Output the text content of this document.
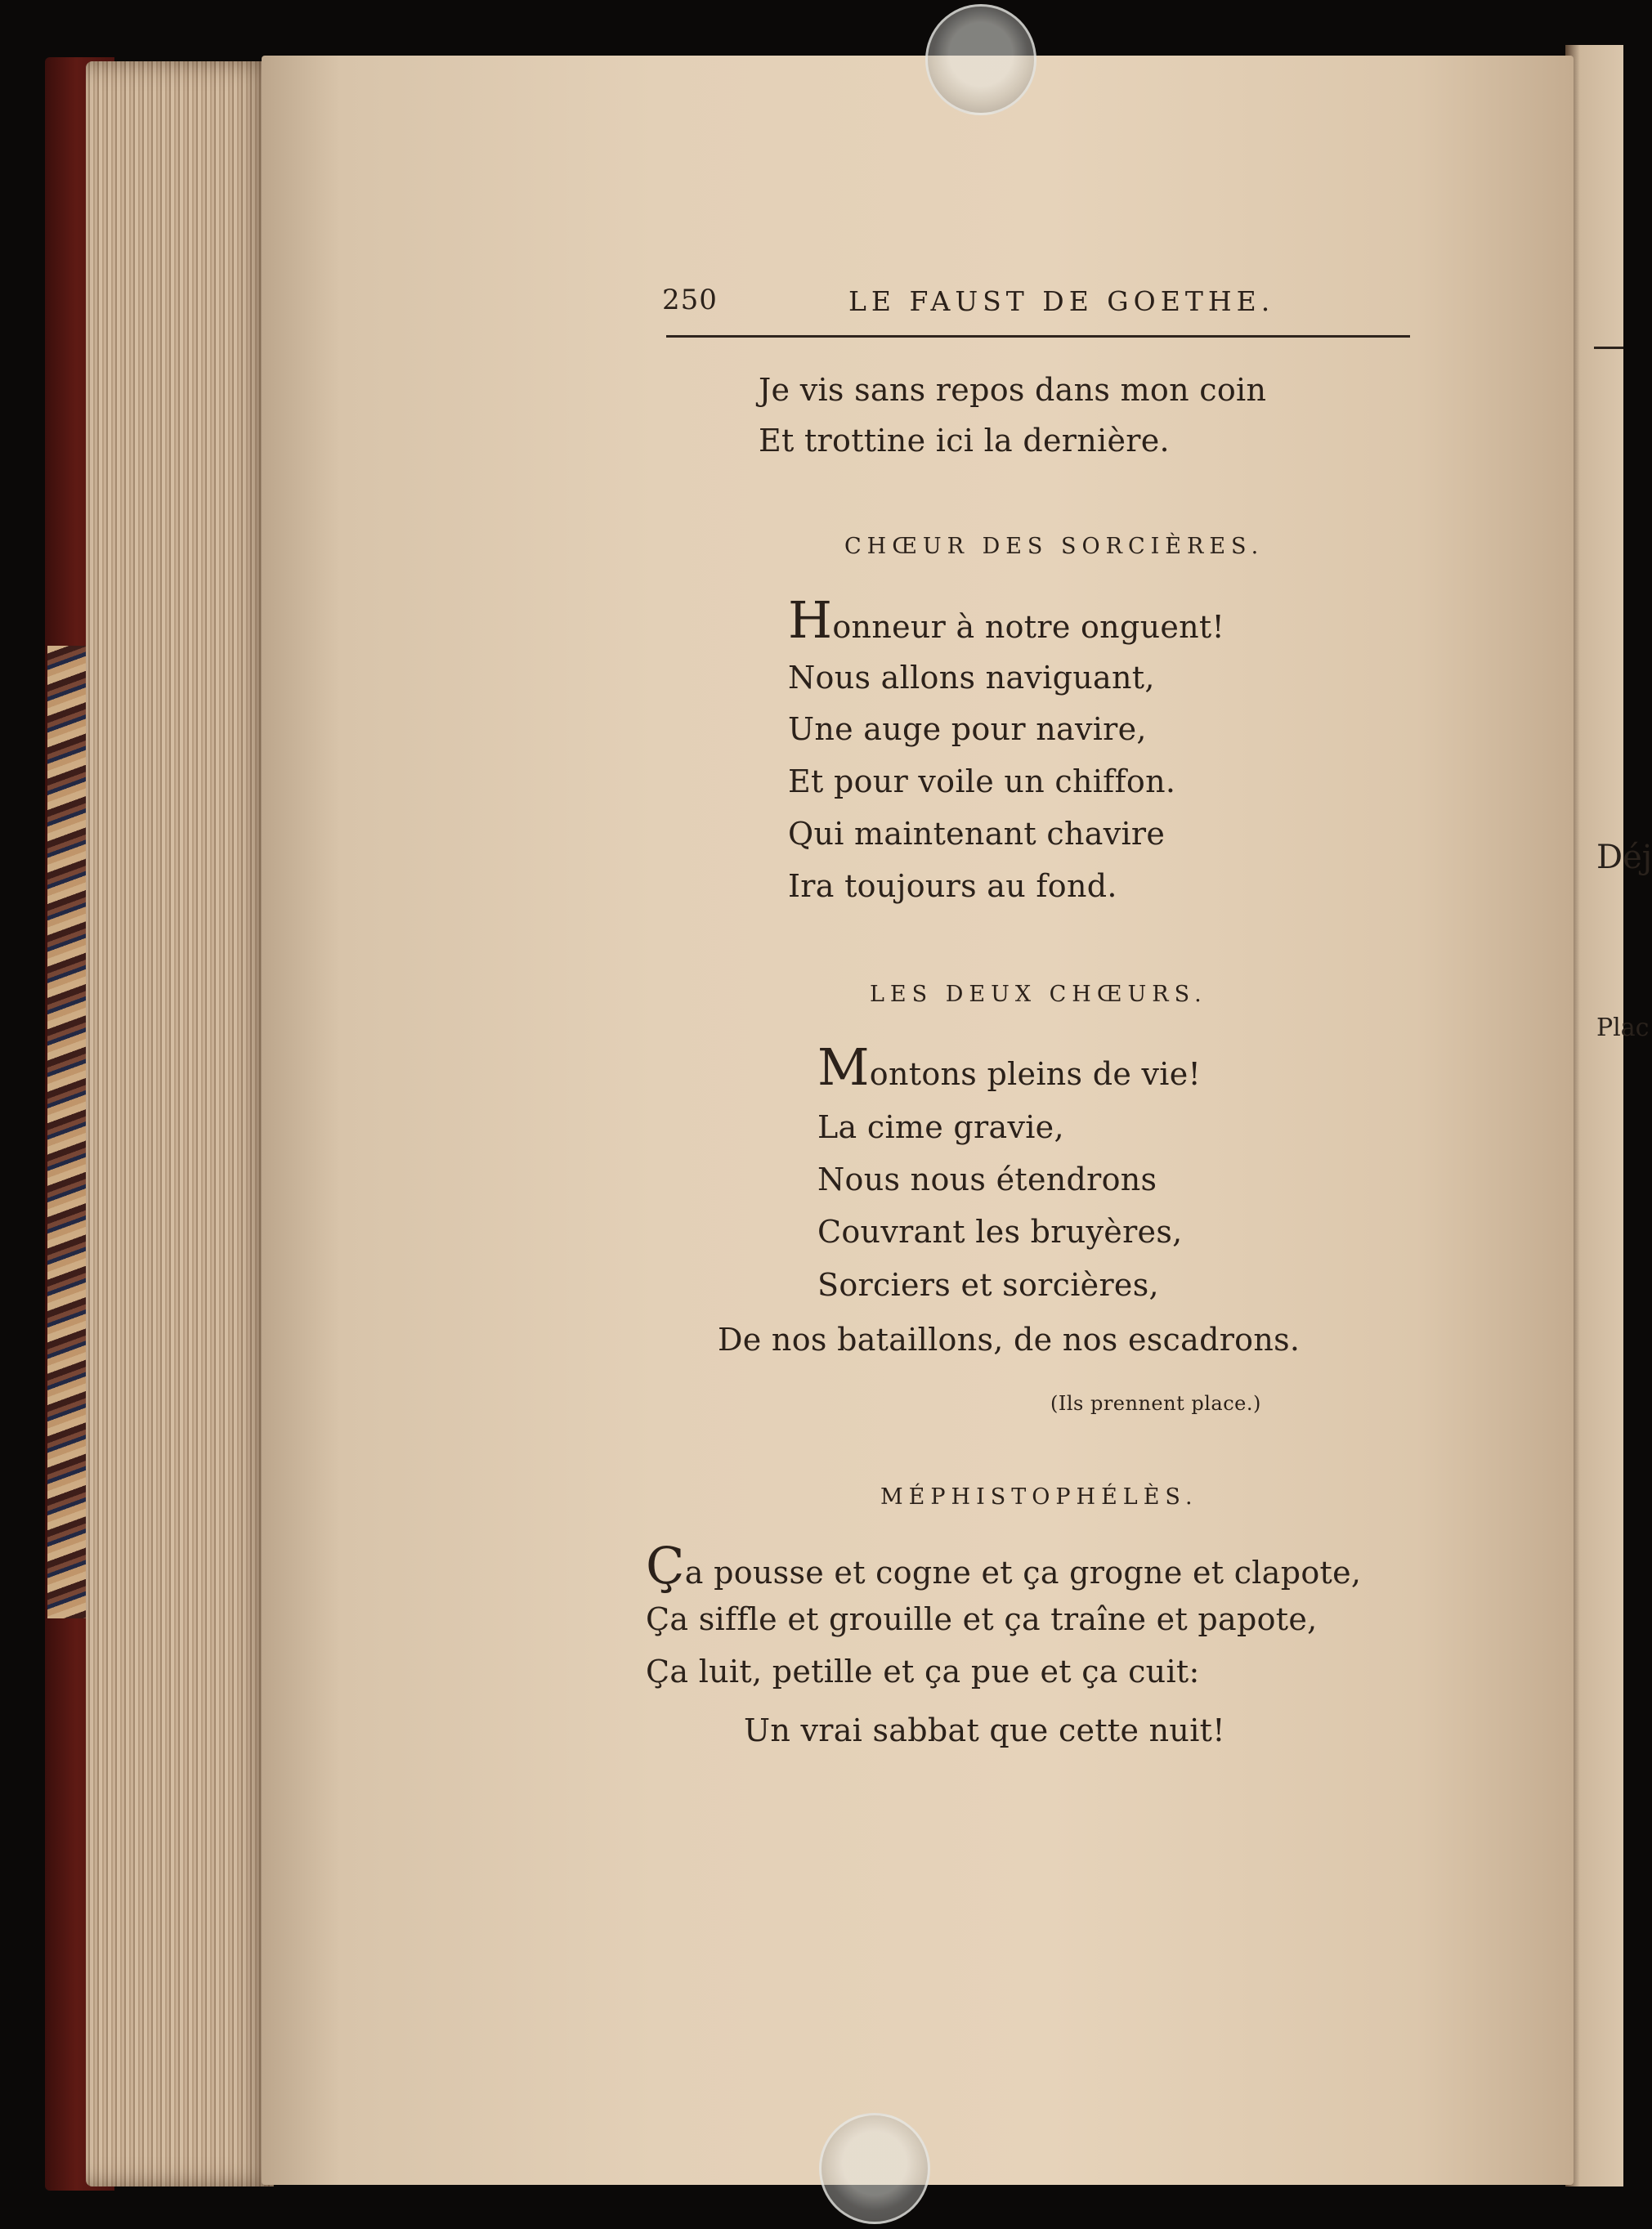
Déj
Plac
250	LE FAUST DE GOETHE.
Je vis sans repos dans mon coin
Et trottine ici la dernière.
CHŒUR DES SORCIÈRES.
Honneur à notre onguent!
Nous allons naviguant,
Une auge pour navire,
Et pour voile un chiffon.
Qui maintenant chavire
Ira toujours au fond.
LES DEUX CHŒURS.
Montons pleins de vie!
La cime gravie,
Nous nous étendrons
Couvrant les bruyères,
Sorciers et sorcières,
De nos bataillons, de nos escadrons.
(Ils prennent place.)
MÉPHISTOPHÉLÈS.
Ça pousse et cogne et ça grogne et clapote,
Ça siffle et grouille et ça traîne et papote,
Ça luit, petille et ça pue et ça cuit:
Un vrai sabbat que cette nuit!
